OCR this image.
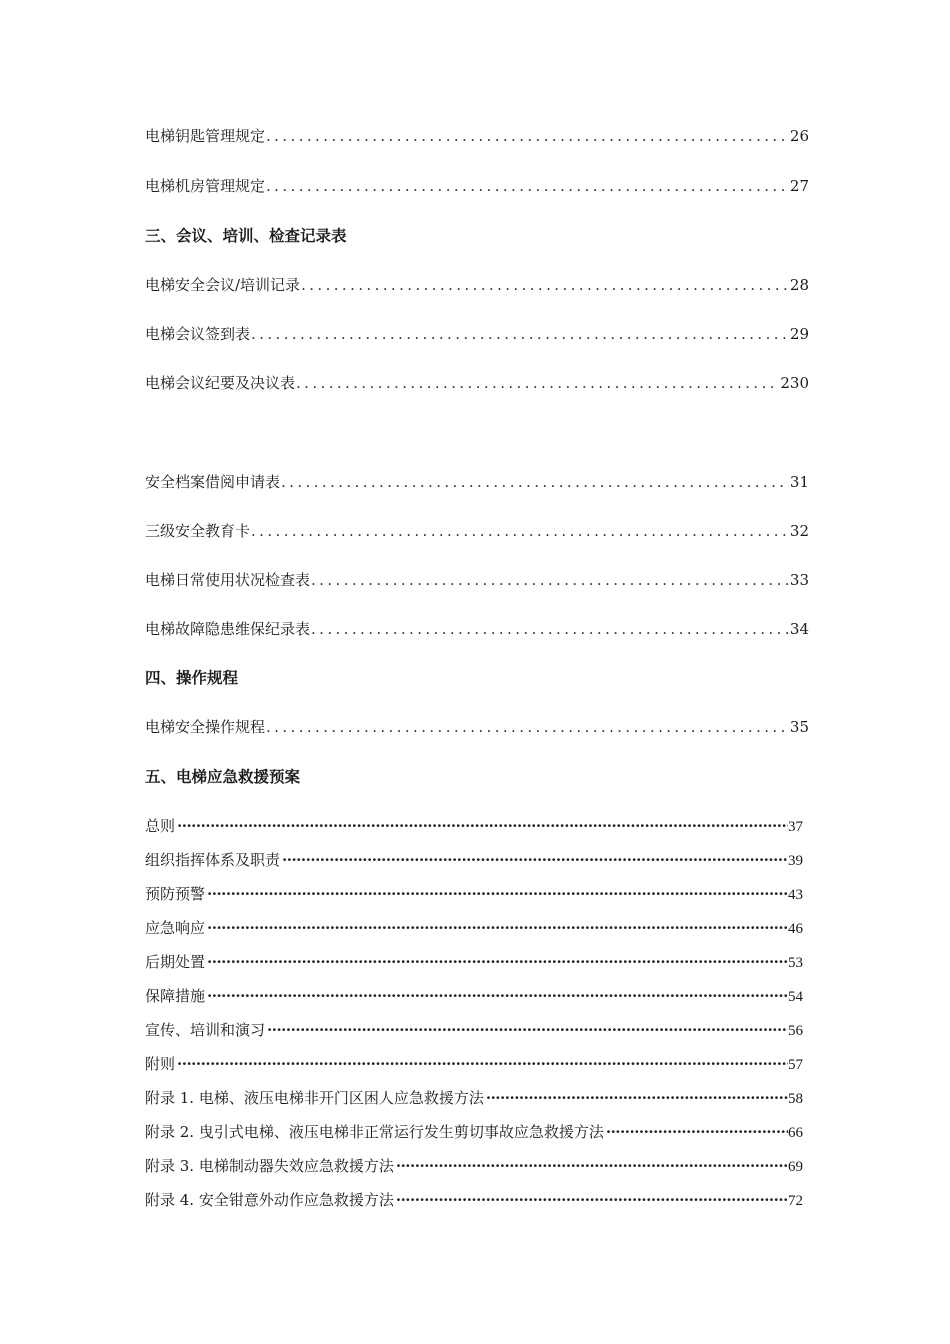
电梯钥匙管理规定 .....	26
电梯机房管理规定 .....	27
三、会议、培训、检查记录表
电梯安全会议/培训记录 .....	28
电梯会议签到表 .....	29
电梯会议纪要及决议表 .....	230
安全档案借阅申请表 .....	31
三级安全教育卡 .....	32
电梯日常使用状况检查表 .....	33
电梯故障隐患维保纪录表 .....	34
四、操作规程
电梯安全操作规程 .....	35
五、电梯应急救援预案
总则 ·····	37
组织指挥体系及职责 ·····	39
预防预警 ·····	43
应急响应 ·····	46
后期处置 ·····	53
保障措施 ·····	54
宣传、培训和演习 ·····	56
附则 ·····	57
附录 1. 电梯、液压电梯非开门区困人应急救援方法 ·····	58
附录 2. 曳引式电梯、液压电梯非正常运行发生剪切事故应急救援方法 ·····	66
附录 3. 电梯制动器失效应急救援方法 ·····	69
附录 4. 安全钳意外动作应急救援方法 ·····	72
